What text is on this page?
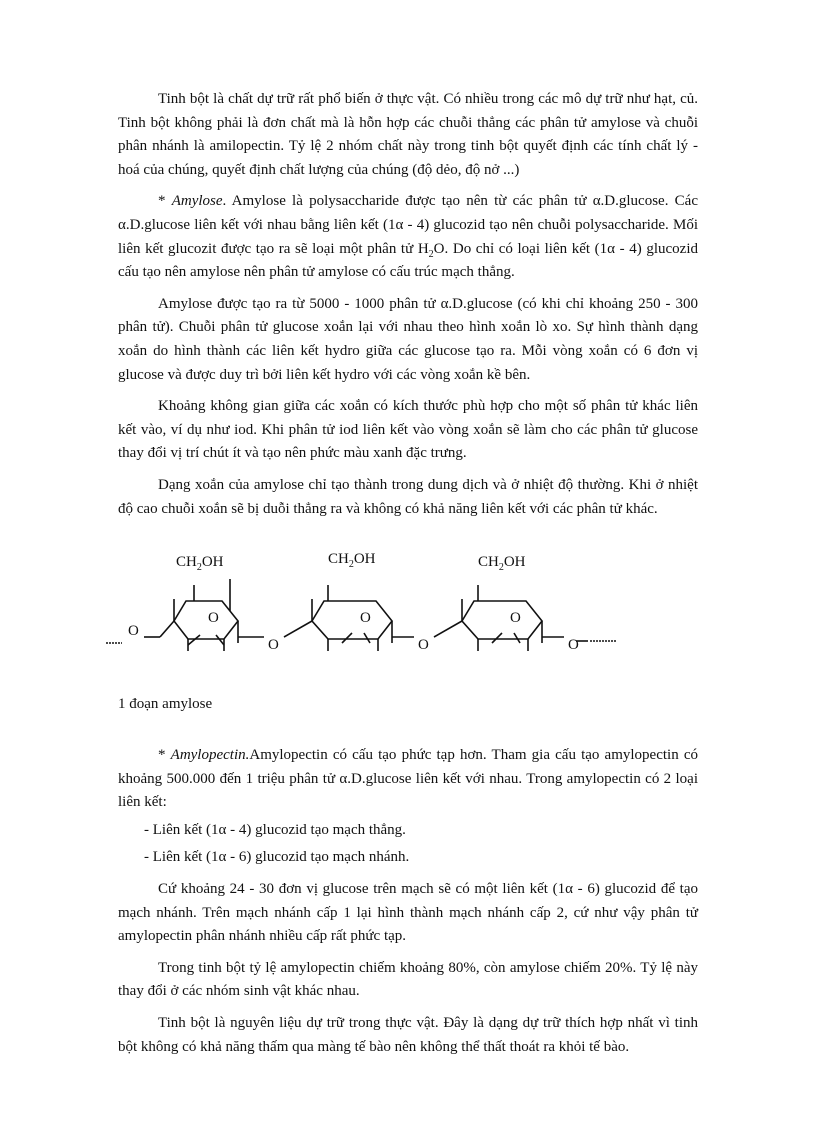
Tinh bột là chất dự trữ rất phổ biến ở thực vật. Có nhiều trong các mô dự trữ như hạt, củ. Tinh bột không phải là đơn chất mà là hỗn hợp các chuỗi thẳng các phân tử amylose và chuỗi phân nhánh là amilopectin. Tỷ lệ 2 nhóm chất này trong tinh bột quyết định các tính chất lý - hoá của chúng, quyết định chất lượng của chúng (độ dẻo, độ nở ...)

* Amylose. Amylose là polysaccharide được tạo nên từ các phân tử α.D.glucose. Các α.D.glucose liên kết với nhau bằng liên kết (1α - 4) glucozid tạo nên chuỗi polysaccharide. Mối liên kết glucozit được tạo ra sẽ loại một phân tử $H_2O$. Do chỉ có loại liên kết (1α - 4) glucozid cấu tạo nên amylose nên phân tử amylose có cấu trúc mạch thẳng.

Amylose được tạo ra từ 5000 - 1000 phân tử α.D.glucose (có khi chỉ khoảng 250 - 300 phân tử). Chuỗi phân tử glucose xoắn lại với nhau theo hình xoắn lò xo. Sự hình thành dạng xoắn do hình thành các liên kết hydro giữa các glucose tạo ra. Mỗi vòng xoắn có 6 đơn vị glucose và được duy trì bởi liên kết hydro với các vòng xoắn kề bên.

Khoảng không gian giữa các xoắn có kích thước phù hợp cho một số phân tử khác liên kết vào, ví dụ như iod. Khi phân tử iod liên kết vào vòng xoắn sẽ làm cho các phân tử glucose thay đổi vị trí chút ít và tạo nên phức màu xanh đặc trưng.

Dạng xoắn của amylose chỉ tạo thành trong dung dịch và ở nhiệt độ thường. Khi ở nhiệt độ cao chuỗi xoắn sẽ bị duỗi thẳng ra và không có khả năng liên kết với các phân tử khác.

$CH_2OH$	$CH_2OH$	$CH_2OH$
O	O	O
O
O	O	O

1 đoạn amylose

* Amylopectin.Amylopectin có cấu tạo phức tạp hơn. Tham gia cấu tạo amylopectin có khoảng 500.000 đến 1 triệu phân tử α.D.glucose liên kết với nhau. Trong amylopectin có 2 loại liên kết:

- Liên kết (1α - 4) glucozid tạo mạch thẳng.

- Liên kết (1α - 6) glucozid tạo mạch nhánh.

Cứ khoảng 24 - 30 đơn vị glucose trên mạch sẽ có một liên kết (1α - 6) glucozid để tạo mạch nhánh. Trên mạch nhánh cấp 1 lại hình thành mạch nhánh cấp 2, cứ như vậy phân tử amylopectin phân nhánh nhiều cấp rất phức tạp.

Trong tinh bột tỷ lệ amylopectin chiếm khoảng 80%, còn amylose chiếm 20%. Tỷ lệ này thay đổi ở các nhóm sinh vật khác nhau.

Tinh bột là nguyên liệu dự trữ trong thực vật. Đây là dạng dự trữ thích hợp nhất vì tinh bột không có khả năng thấm qua màng tế bào nên không thể thất thoát ra khỏi tế bào.
